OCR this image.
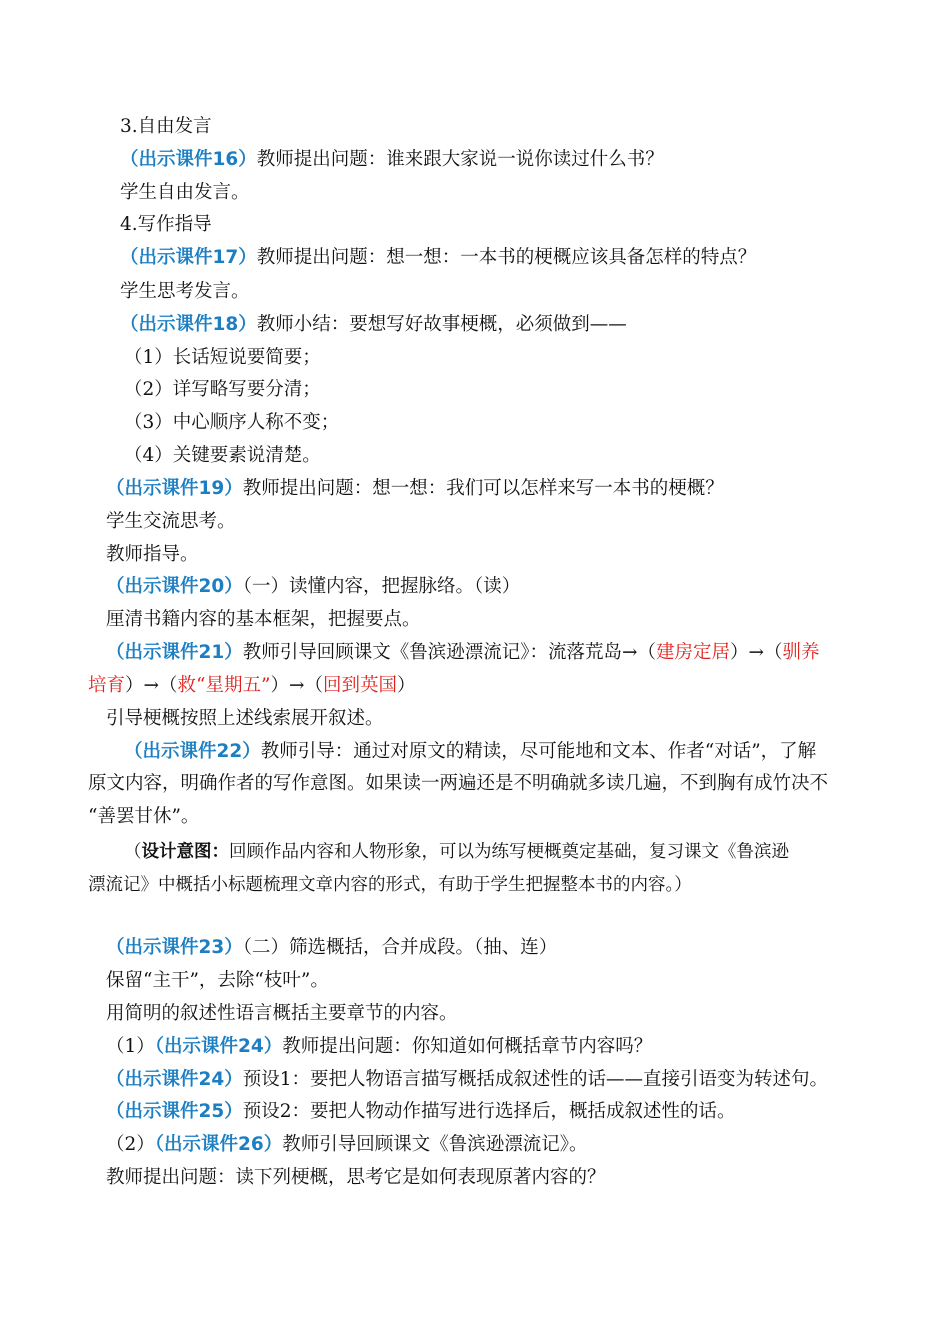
3.自由发言
（出示课件16）教师提出问题：谁来跟大家说一说你读过什么书？
学生自由发言。
4.写作指导
（出示课件17）教师提出问题：想一想：一本书的梗概应该具备怎样的特点？
学生思考发言。
（出示课件18）教师小结：要想写好故事梗概，必须做到——
（1）长话短说要简要；
（2）详写略写要分清；
（3）中心顺序人称不变；
（4）关键要素说清楚。
（出示课件19）教师提出问题：想一想：我们可以怎样来写一本书的梗概？
学生交流思考。
教师指导。
（出示课件20）（一）读懂内容，把握脉络。（读）
厘清书籍内容的基本框架，把握要点。
（出示课件21）教师引导回顾课文《鲁滨逊漂流记》：流落荒岛→（建房定居）→（驯养
培育）→（救“星期五”）→（回到英国）
引导梗概按照上述线索展开叙述。
（出示课件22）教师引导：通过对原文的精读，尽可能地和文本、作者“对话”，了解
原文内容，明确作者的写作意图。如果读一两遍还是不明确就多读几遍，不到胸有成竹决不
“善罢甘休”。
（设计意图：回顾作品内容和人物形象，可以为练写梗概奠定基础，复习课文《鲁滨逊
漂流记》中概括小标题梳理文章内容的形式，有助于学生把握整本书的内容。）
（出示课件23）（二）筛选概括，合并成段。（抽、连）
保留“主干”，去除“枝叶”。
用简明的叙述性语言概括主要章节的内容。
（1）（出示课件24）教师提出问题：你知道如何概括章节内容吗？
（出示课件24）预设1：要把人物语言描写概括成叙述性的话——直接引语变为转述句。
（出示课件25）预设2：要把人物动作描写进行选择后，概括成叙述性的话。
（2）（出示课件26）教师引导回顾课文《鲁滨逊漂流记》。
教师提出问题：读下列梗概，思考它是如何表现原著内容的？
